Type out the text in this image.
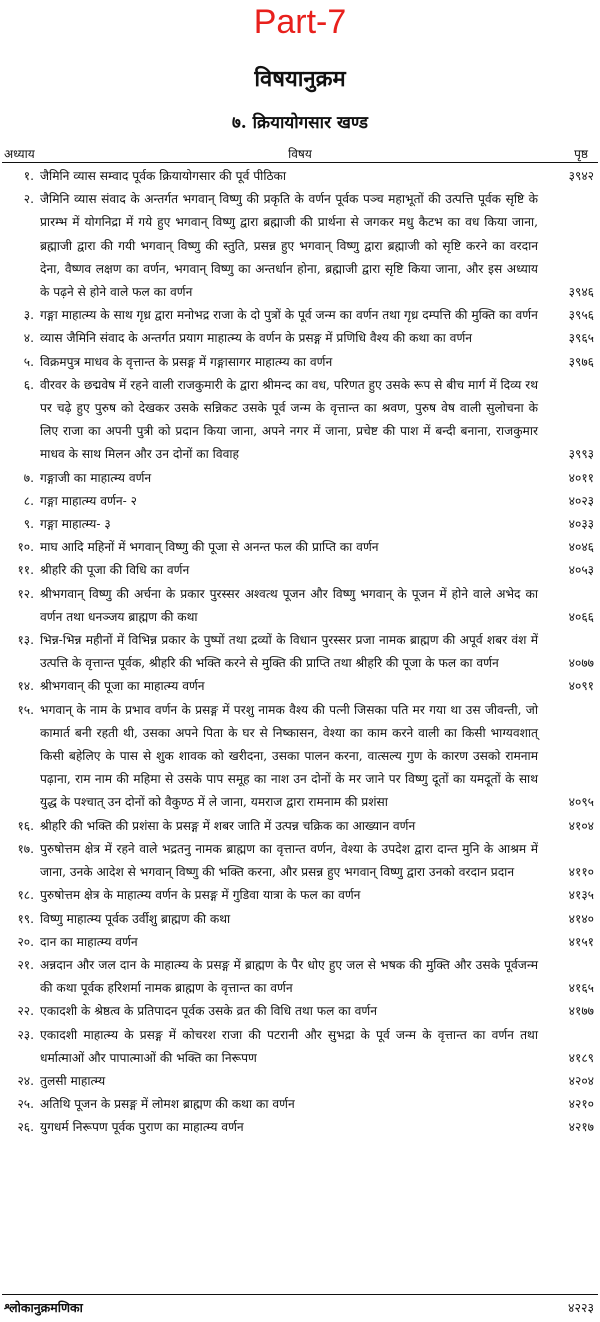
Part-7
विषयानुक्रम
७. क्रियायोगसार खण्ड
अध्याय	विषय	पृष्ठ
१. जैमिनि व्यास सम्वाद पूर्वक क्रियायोगसार की पूर्व पीठिका	३९४२
२. जैमिनि व्यास संवाद के अन्तर्गत भगवान् विष्णु की प्रकृति के वर्णन पूर्वक पञ्च महाभूतों की उत्पत्ति पूर्वक सृष्टि के प्रारम्भ में योगनिद्रा में गये हुए भगवान् विष्णु द्वारा ब्रह्माजी की प्रार्थना से जगकर मधु कैटभ का वध किया जाना, ब्रह्माजी द्वारा की गयी भगवान् विष्णु की स्तुति, प्रसन्न हुए भगवान् विष्णु द्वारा ब्रह्माजी को सृष्टि करने का वरदान देना, वैष्णव लक्षण का वर्णन, भगवान् विष्णु का अन्तर्धान होना, ब्रह्माजी द्वारा सृष्टि किया जाना, और इस अध्याय के पढ़ने से होने वाले फल का वर्णन	३९४६
३. गङ्गा माहात्म्य के साथ गृध्र द्वारा मनोभद्र राजा के दो पुत्रों के पूर्व जन्म का वर्णन तथा गृध्र दम्पत्ति की मुक्ति का वर्णन	३९५६
४. व्यास जैमिनि संवाद के अन्तर्गत प्रयाग माहात्म्य के वर्णन के प्रसङ्ग में प्रणिधि वैश्य की कथा का वर्णन	३९६५
५. विक्रमपुत्र माधव के वृत्तान्त के प्रसङ्ग में गङ्गासागर माहात्म्य का वर्णन	३९७६
६. वीरवर के छद्मवेष में रहने वाली राजकुमारी के द्वारा श्रीमन्द का वध, परिणत हुए उसके रूप से बीच मार्ग में दिव्य रथ पर चढ़े हुए पुरुष को देखकर उसके सन्निकट उसके पूर्व जन्म के वृत्तान्त का श्रवण, पुरुष वेष वाली सुलोचना के लिए राजा का अपनी पुत्री को प्रदान किया जाना, अपने नगर में जाना, प्रचेष्ट की पाश में बन्दी बनाना, राजकुमार माधव के साथ मिलन और उन दोनों का विवाह	३९९३
७. गङ्गाजी का माहात्म्य वर्णन	४०११
८. गङ्गा माहात्म्य वर्णन- २	४०२३
९. गङ्गा माहात्म्य- ३	४०३३
१०. माघ आदि महिनों में भगवान् विष्णु की पूजा से अनन्त फल की प्राप्ति का वर्णन	४०४६
११. श्रीहरि की पूजा की विधि का वर्णन	४०५३
१२. श्रीभगवान् विष्णु की अर्चना के प्रकार पुरस्सर अश्वत्थ पूजन और विष्णु भगवान् के पूजन में होने वाले अभेद का वर्णन तथा धनञ्जय ब्राह्मण की कथा	४०६६
१३. भिन्न-भिन्न महीनों में विभिन्न प्रकार के पुष्पों तथा द्रव्यों के विधान पुरस्सर प्रजा नामक ब्राह्मण की अपूर्व शबर वंश में उत्पत्ति के वृत्तान्त पूर्वक, श्रीहरि की भक्ति करने से मुक्ति की प्राप्ति तथा श्रीहरि की पूजा के फल का वर्णन	४०७७
१४. श्रीभगवान् की पूजा का माहात्म्य वर्णन	४०९१
१५. भगवान् के नाम के प्रभाव वर्णन के प्रसङ्ग में परशु नामक वैश्य की पत्नी जिसका पति मर गया था उस जीवन्ती, जो कामार्त बनी रहती थी, उसका अपने पिता के घर से निष्कासन, वेश्या का काम करने वाली का किसी भाग्यवशात् किसी बहेलिए के पास से शुक शावक को खरीदना, उसका पालन करना, वात्सल्य गुण के कारण उसको रामनाम पढ़ाना, राम नाम की महिमा से उसके पाप समूह का नाश उन दोनों के मर जाने पर विष्णु दूतों का यमदूतों के साथ युद्ध के पश्चात् उन दोनों को वैकुण्ठ में ले जाना, यमराज द्वारा रामनाम की प्रशंसा	४०९५
१६. श्रीहरि की भक्ति की प्रशंसा के प्रसङ्ग में शबर जाति में उत्पन्न चक्रिक का आख्यान वर्णन	४१०४
१७. पुरुषोत्तम क्षेत्र में रहने वाले भद्रतनु नामक ब्राह्मण का वृत्तान्त वर्णन, वेश्या के उपदेश द्वारा दान्त मुनि के आश्रम में जाना, उनके आदेश से भगवान् विष्णु की भक्ति करना, और प्रसन्न हुए भगवान् विष्णु द्वारा उनको वरदान प्रदान	४११०
१८. पुरुषोत्तम क्षेत्र के माहात्म्य वर्णन के प्रसङ्ग में गुडिवा यात्रा के फल का वर्णन	४१३५
१९. विष्णु माहात्म्य पूर्वक उर्वीशु ब्राह्मण की कथा	४१४०
२०. दान का माहात्म्य वर्णन	४१५१
२१. अन्नदान और जल दान के माहात्म्य के प्रसङ्ग में ब्राह्मण के पैर धोए हुए जल से भषक की मुक्ति और उसके पूर्वजन्म की कथा पूर्वक हरिशर्मा नामक ब्राह्मण के वृत्तान्त का वर्णन	४१६५
२२. एकादशी के श्रेष्ठत्व के प्रतिपादन पूर्वक उसके व्रत की विधि तथा फल का वर्णन	४१७७
२३. एकादशी माहात्म्य के प्रसङ्ग में कोचरश राजा की पटरानी और सुभद्रा के पूर्व जन्म के वृत्तान्त का वर्णन तथा धर्मात्माओं और पापात्माओं की भक्ति का निरूपण	४१८९
२४. तुलसी माहात्म्य	४२०४
२५. अतिथि पूजन के प्रसङ्ग में लोमश ब्राह्मण की कथा का वर्णन	४२१०
२६. युगधर्म निरूपण पूर्वक पुराण का माहात्म्य वर्णन	४२१७
श्लोकानुक्रमणिका	४२२३
